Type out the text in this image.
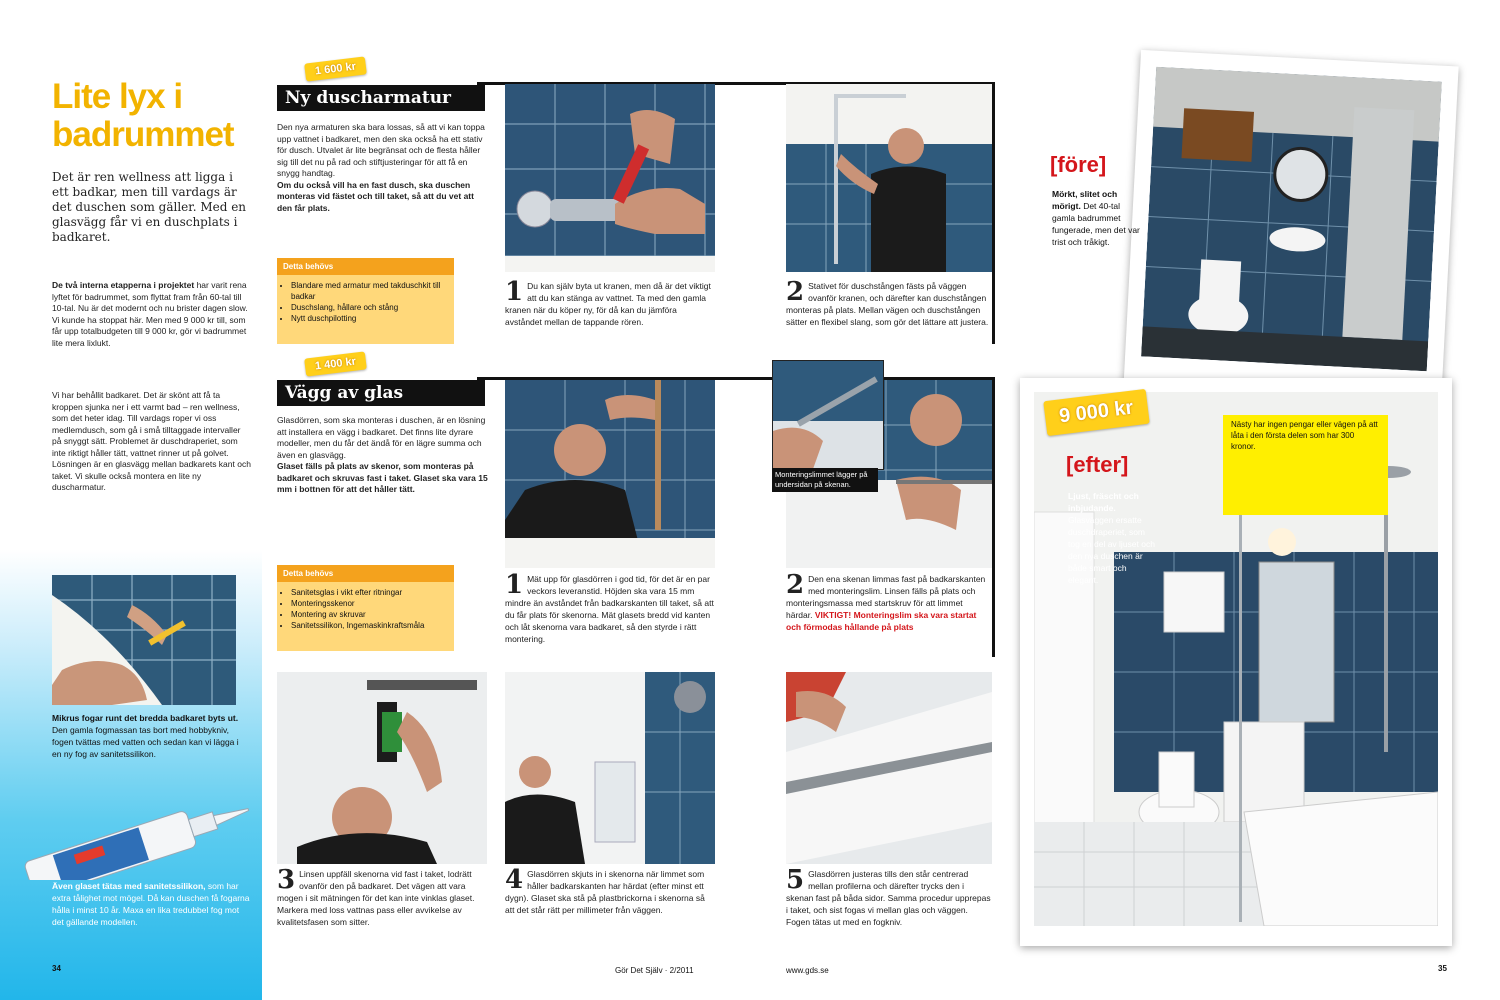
Lite lyx i badrummet
Det är ren wellness att ligga i ett badkar, men till vardags är det duschen som gäller. Med en glasvägg får vi en duschplats i badkaret.
De två interna etapperna i projektet har varit rena lyftet för badrummet, som flyttat fram från 60-tal till 10-tal. Nu är det modernt och nu brister dagen slow. Vi kunde ha stoppat här. Men med 9 000 kr till, som får upp totalbudgeten till 9 000 kr, gör vi badrummet lite mera lixlukt.
Vi har behållit badkaret. Det är skönt att få ta kroppen sjunka ner i ett varmt bad – ren wellness, som det heter idag. Till vardags roper vi oss medlemdusch, som gå i små tilltaggade intervaller på snyggt sätt. Problemet är duschdraperiet, som inte riktigt håller tätt, vattnet rinner ut på golvet. Lösningen är en glasvägg mellan badkarets kant och taket. Vi skulle också montera en lite ny duscharmatur.
Mikrus fogar runt det bredda badkaret byts ut. Den gamla fogmassan tas bort med hobbykniv, fogen tvättas med vatten och sedan kan vi lägga i en ny fog av sanitetssilikon.
Även glaset tätas med sanitetssilikon, som har extra tålighet mot mögel. Då kan duschen få fogarna hålla i minst 10 år. Maxa en lika tredubbel fog mot det gällande modellen.
34
1 600 kr
Ny duscharmatur
Den nya armaturen ska bara lossas, så att vi kan toppa upp vattnet i badkaret, men den ska också ha ett stativ för dusch. Utvalet är lite begränsat och de flesta håller sig till det nu på rad och stiftjusteringar för att få en snygg handtag.
Om du också vill ha en fast dusch, ska duschen monteras vid fästet och till taket, så att du vet att den får plats.
Detta behövs
• Blandare med armatur med takduschkit till badkar
• Duschslang, hållare och stång
• Nytt duschpilotting
1 Du kan själv byta ut kranen, men då är det viktigt att du kan stänga av vattnet. Ta med den gamla kranen när du köper ny, för då kan du jämföra avståndet mellan de tappande rören.
2 Stativet för duschstången fästs på väggen ovanför kranen, och därefter kan duschstången monteras på plats. Mellan vägen och duschstången sätter en flexibel slang, som gör det lättare att justera.
1 400 kr
Vägg av glas
Glasdörren, som ska monteras i duschen, är en lösning att installera en vägg i badkaret. Det finns lite dyrare modeller, men du får det ändå för en lägre summa och även en glasvägg.
Glaset fälls på plats av skenor, som monteras på badkaret och skruvas fast i taket. Glaset ska vara 15 mm i bottnen för att det håller tätt.
Detta behövs
• Sanitetsglas i vikt efter ritningar
• Monteringsskenor
• Montering av skruvar
• Sanitetssilikon, Ingemaskinkraftsmåla
Monteringslimmet lägger på undersidan på skenan.
1 Mät upp för glasdörren i god tid, för det är en par veckors leveranstid. Höjden ska vara 15 mm mindre än avståndet från badkarskanten till taket, så att du får plats för skenorna. Mät glasets bredd vid kanten och låt skenorna vara badkaret, så den styrde i rätt montering.
2 Den ena skenan limmas fast på badkarskanten med monteringslim. Linsen fälls på plats och monteringsmassa med startskruv för att limmet härdar. VIKTIGT! Monteringslim ska vara startat och förmodas hållande på plats
3 Linsen uppfäll skenorna vid fast i taket, lodrätt ovanför den på badkaret. Det vägen att vara mogen i sit mätningen för det kan inte vinklas glaset. Markera med loss vattnas pass eller avvikelse av kvalitetsfasen som sitter.
4 Glasdörren skjuts in i skenorna när limmet som håller badkarskanten har härdat (efter minst ett dygn). Glaset ska stå på plastbrickorna i skenorna så att det står rätt per millimeter från väggen.
5 Glasdörren justeras tills den står centrerad mellan profilerna och därefter trycks den i skenan fast på båda sidor. Samma procedur upprepas i taket, och sist fogas vi mellan glas och väggen. Fogen tätas ut med en fogkniv.
Gör Det Själv · 2/2011	www.gds.se	35
[före]
Mörkt, slitet och mörigt. Det 40-tal gamla badrummet fungerade, men det var trist och tråkigt.
9 000 kr
[efter]
Ljust, fräscht och inbjudande. Glasväggen ersatte duschdraperiet, som tog en del av ljuset och den nya duschen är både smart och elegant.
Nästy har ingen pengar eller vägen på att låta i den första delen som har 300 kronor.
